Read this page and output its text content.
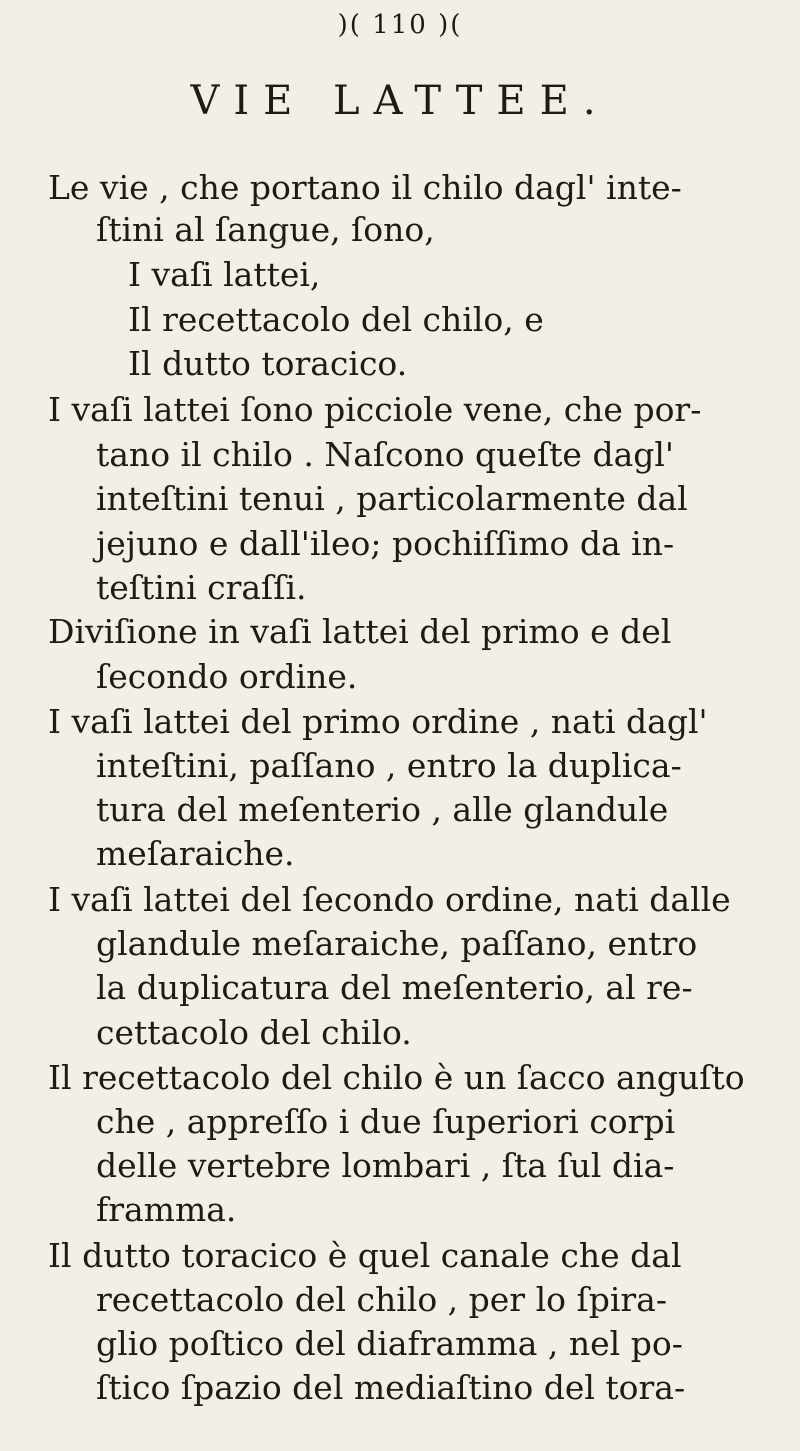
)( 110 )(
VIE LATTEE.
Le vie , che portano il chilo dagl' inte-
ſtini al ſangue, ſono,
I vaſi lattei,
Il recettacolo del chilo, e
Il dutto toracico.
I vaſi lattei ſono picciole vene, che por-
tano il chilo . Naſcono queſte dagl'
inteſtini tenui , particolarmente dal
jejuno e dall'ileo; pochiſſimo da in-
teſtini craſſi.
Diviſione in vaſi lattei del primo e del
ſecondo ordine.
I vaſi lattei del primo ordine , nati dagl'
inteſtini, paſſano , entro la duplica-
tura del meſenterio , alle glandule
meſaraiche.
I vaſi lattei del ſecondo ordine, nati dalle
glandule meſaraiche, paſſano, entro
la duplicatura del meſenterio, al re-
cettacolo del chilo.
Il recettacolo del chilo è un ſacco anguſto
che , appreſſo i due ſuperiori corpi
delle vertebre lombari , ſta ſul dia-
framma.
Il dutto toracico è quel canale che dal
recettacolo del chilo , per lo ſpira-
glio poſtico del diaframma , nel po-
ſtico ſpazio del mediaſtino del tora-
